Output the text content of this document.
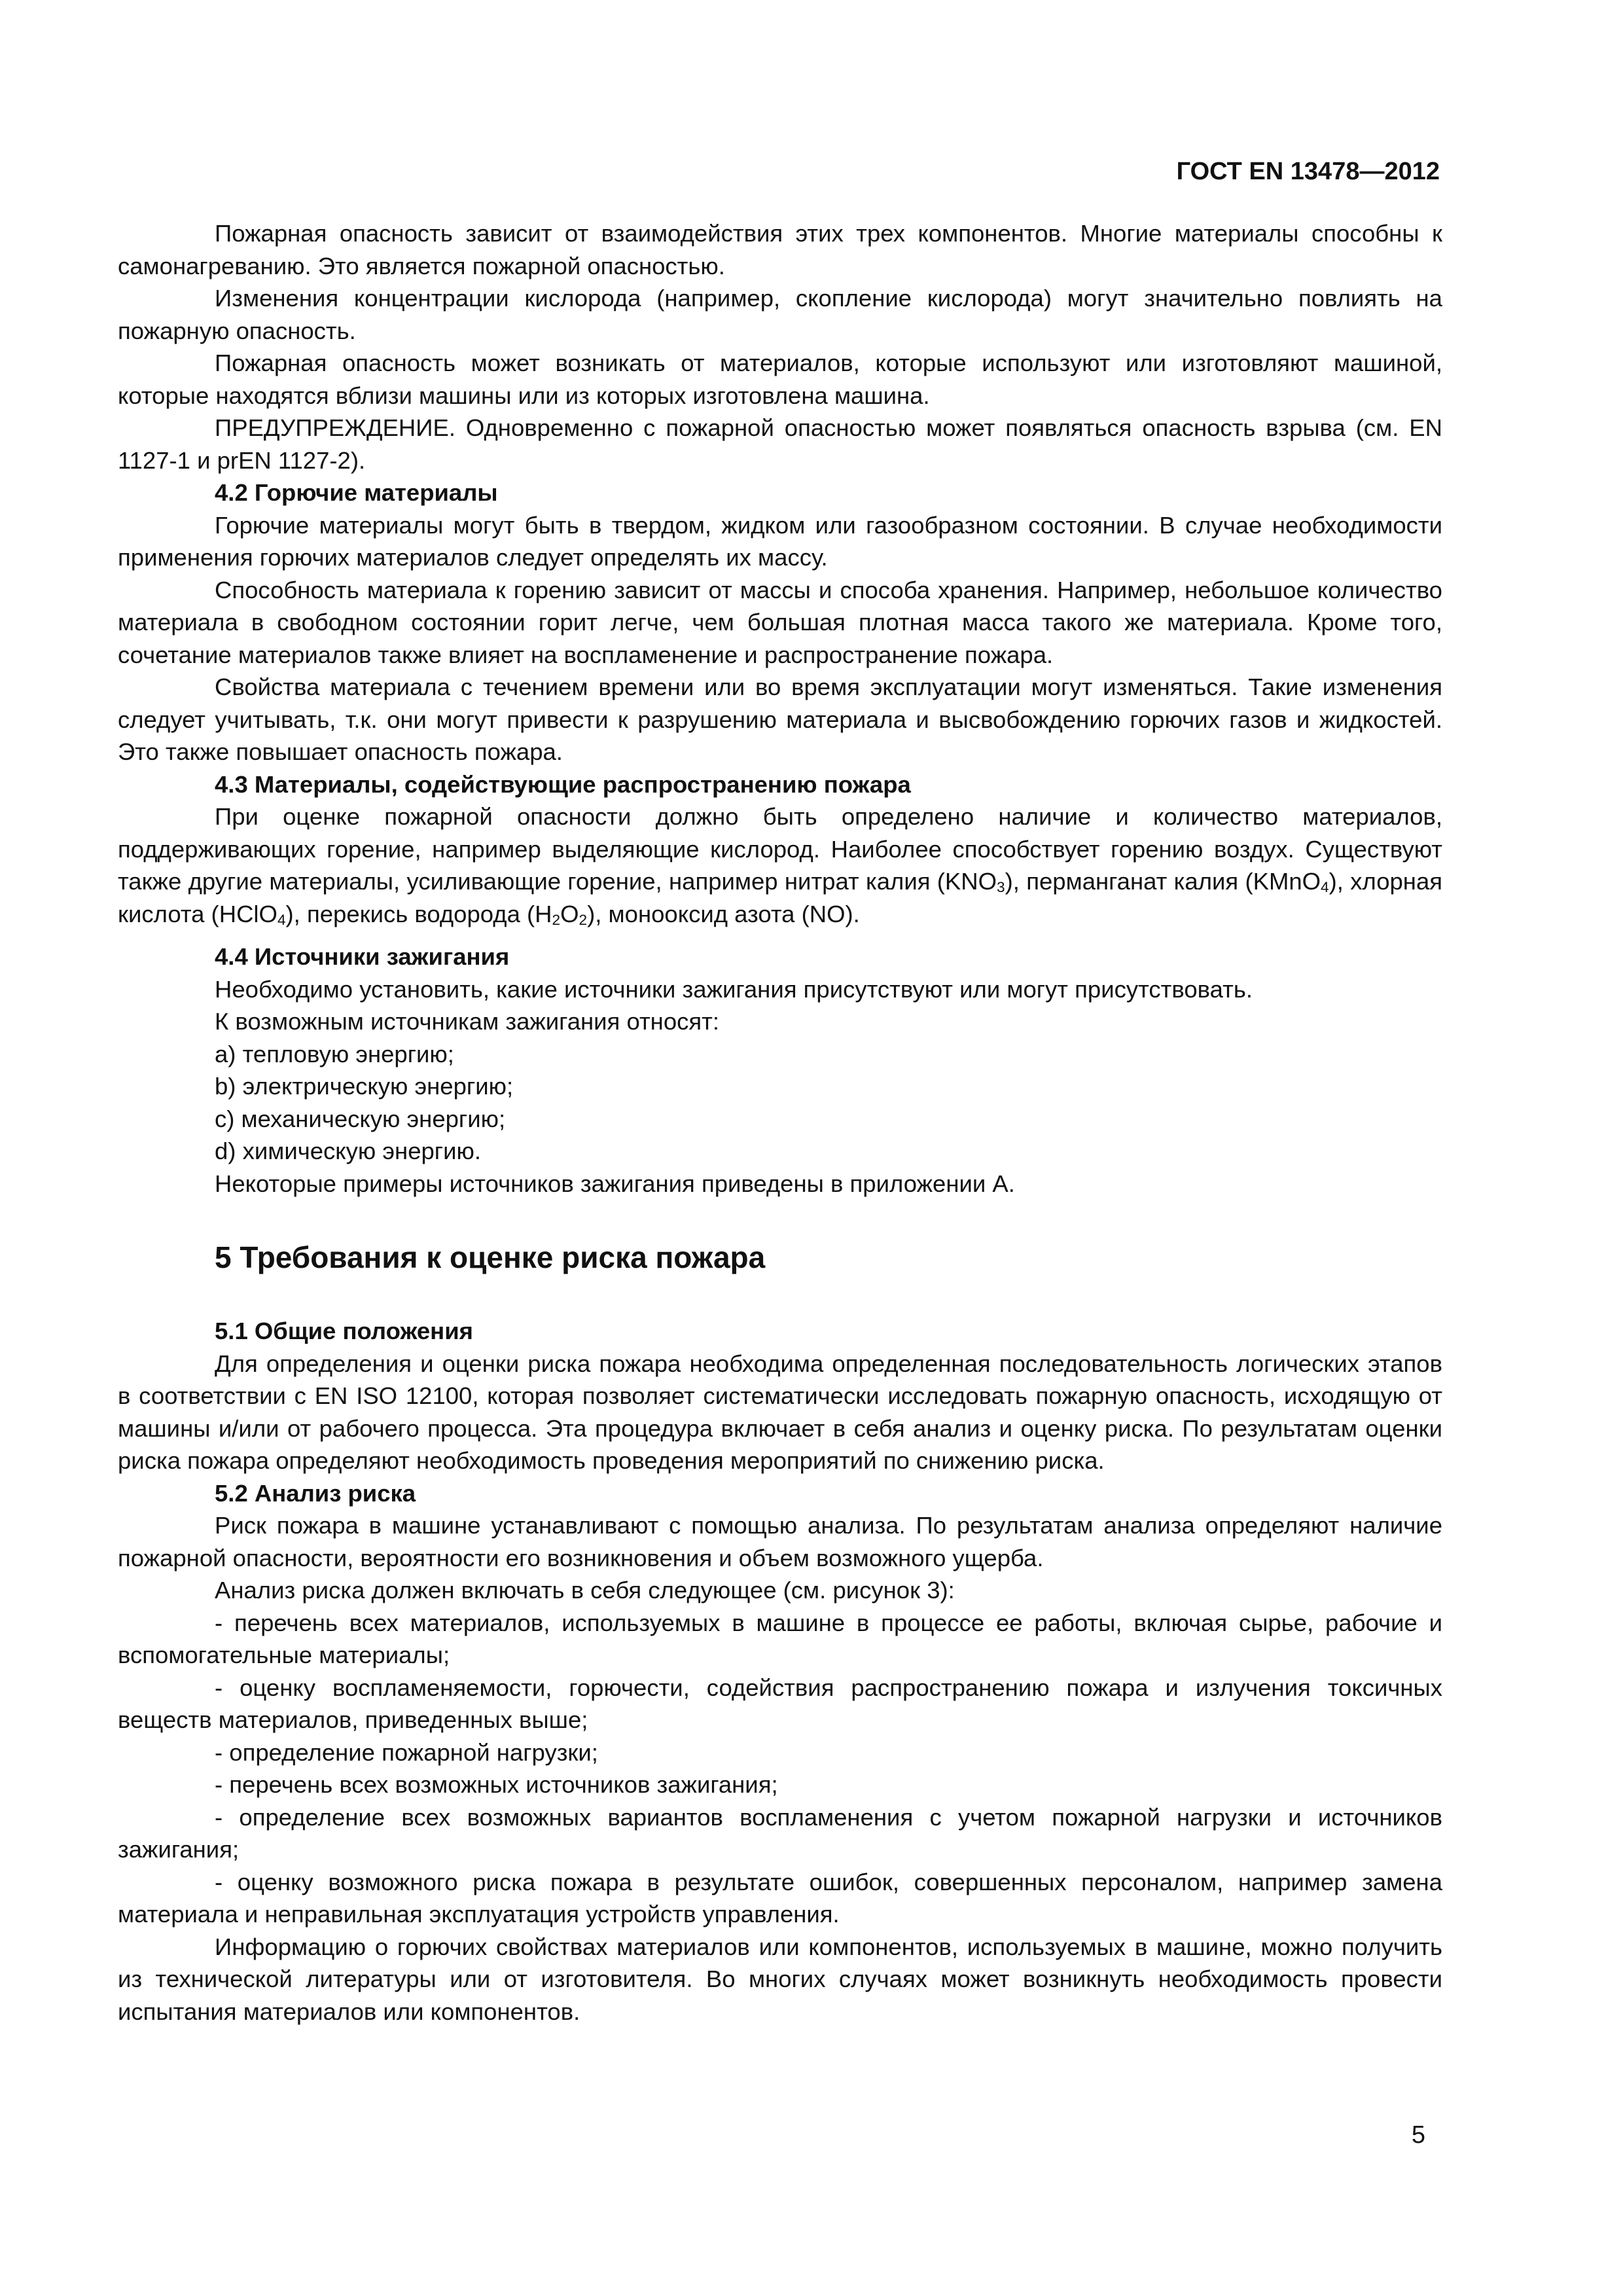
ГОСТ EN 13478—2012

Пожарная опасность зависит от взаимодействия этих трех компонентов. Многие материалы способны к самонагреванию. Это является пожарной опасностью.

Изменения концентрации кислорода (например, скопление кислорода) могут значительно повлиять на пожарную опасность.

Пожарная опасность может возникать от материалов, которые используют или изготовляют машиной, которые находятся вблизи машины или из которых изготовлена машина.

ПРЕДУПРЕЖДЕНИЕ. Одновременно с пожарной опасностью может появляться опасность взрыва (см. EN 1127-1 и prEN 1127-2).

4.2 Горючие материалы

Горючие материалы могут быть в твердом, жидком или газообразном состоянии. В случае необходимости применения горючих материалов следует определять их массу.

Способность материала к горению зависит от массы и способа хранения. Например, небольшое количество материала в свободном состоянии горит легче, чем большая плотная масса такого же материала. Кроме того, сочетание материалов также влияет на воспламенение и распространение пожара.

Свойства материала с течением времени или во время эксплуатации могут изменяться. Такие изменения следует учитывать, т.к. они могут привести к разрушению материала и высвобождению горючих газов и жидкостей. Это также повышает опасность пожара.

4.3 Материалы, содействующие распространению пожара

При оценке пожарной опасности должно быть определено наличие и количество материалов, поддерживающих горение, например выделяющие кислород. Наиболее способствует горению воздух. Существуют также другие материалы, усиливающие горение, например нитрат калия $(KNO_3)$, перманганат калия (KMnO$_4$), хлорная кислота (HClO$_4$), перекись водорода $(H_2O_2)$, монооксид азота (NO).

4.4 Источники зажигания

Необходимо установить, какие источники зажигания присутствуют или могут присутствовать.

К возможным источникам зажигания относят:

a) тепловую энергию;
b) электрическую энергию;
c) механическую энергию;
d) химическую энергию.

Некоторые примеры источников зажигания приведены в приложении А.

5 Требования к оценке риска пожара
5.1 Общие положения

Для определения и оценки риска пожара необходима определенная последовательность логических этапов в соответствии с EN ISO 12100, которая позволяет систематически исследовать пожарную опасность, исходящую от машины и/или от рабочего процесса. Эта процедура включает в себя анализ и оценку риска. По результатам оценки риска пожара определяют необходимость проведения мероприятий по снижению риска.

5.2 Анализ риска

Риск пожара в машине устанавливают с помощью анализа. По результатам анализа определяют наличие пожарной опасности, вероятности его возникновения и объем возможного ущерба.

Анализ риска должен включать в себя следующее (см. рисунок 3):

- перечень всех материалов, используемых в машине в процессе ее работы, включая сырье, рабочие и вспомогательные материалы;

- оценку воспламеняемости, горючести, содействия распространению пожара и излучения токсичных веществ материалов, приведенных выше;

- определение пожарной нагрузки;

- перечень всех возможных источников зажигания;

- определение всех возможных вариантов воспламенения с учетом пожарной нагрузки и источников зажигания;

- оценку возможного риска пожара в результате ошибок, совершенных персоналом, например замена материала и неправильная эксплуатация устройств управления.

Информацию о горючих свойствах материалов или компонентов, используемых в машине, можно получить из технической литературы или от изготовителя. Во многих случаях может возникнуть необходимость провести испытания материалов или компонентов.

5
